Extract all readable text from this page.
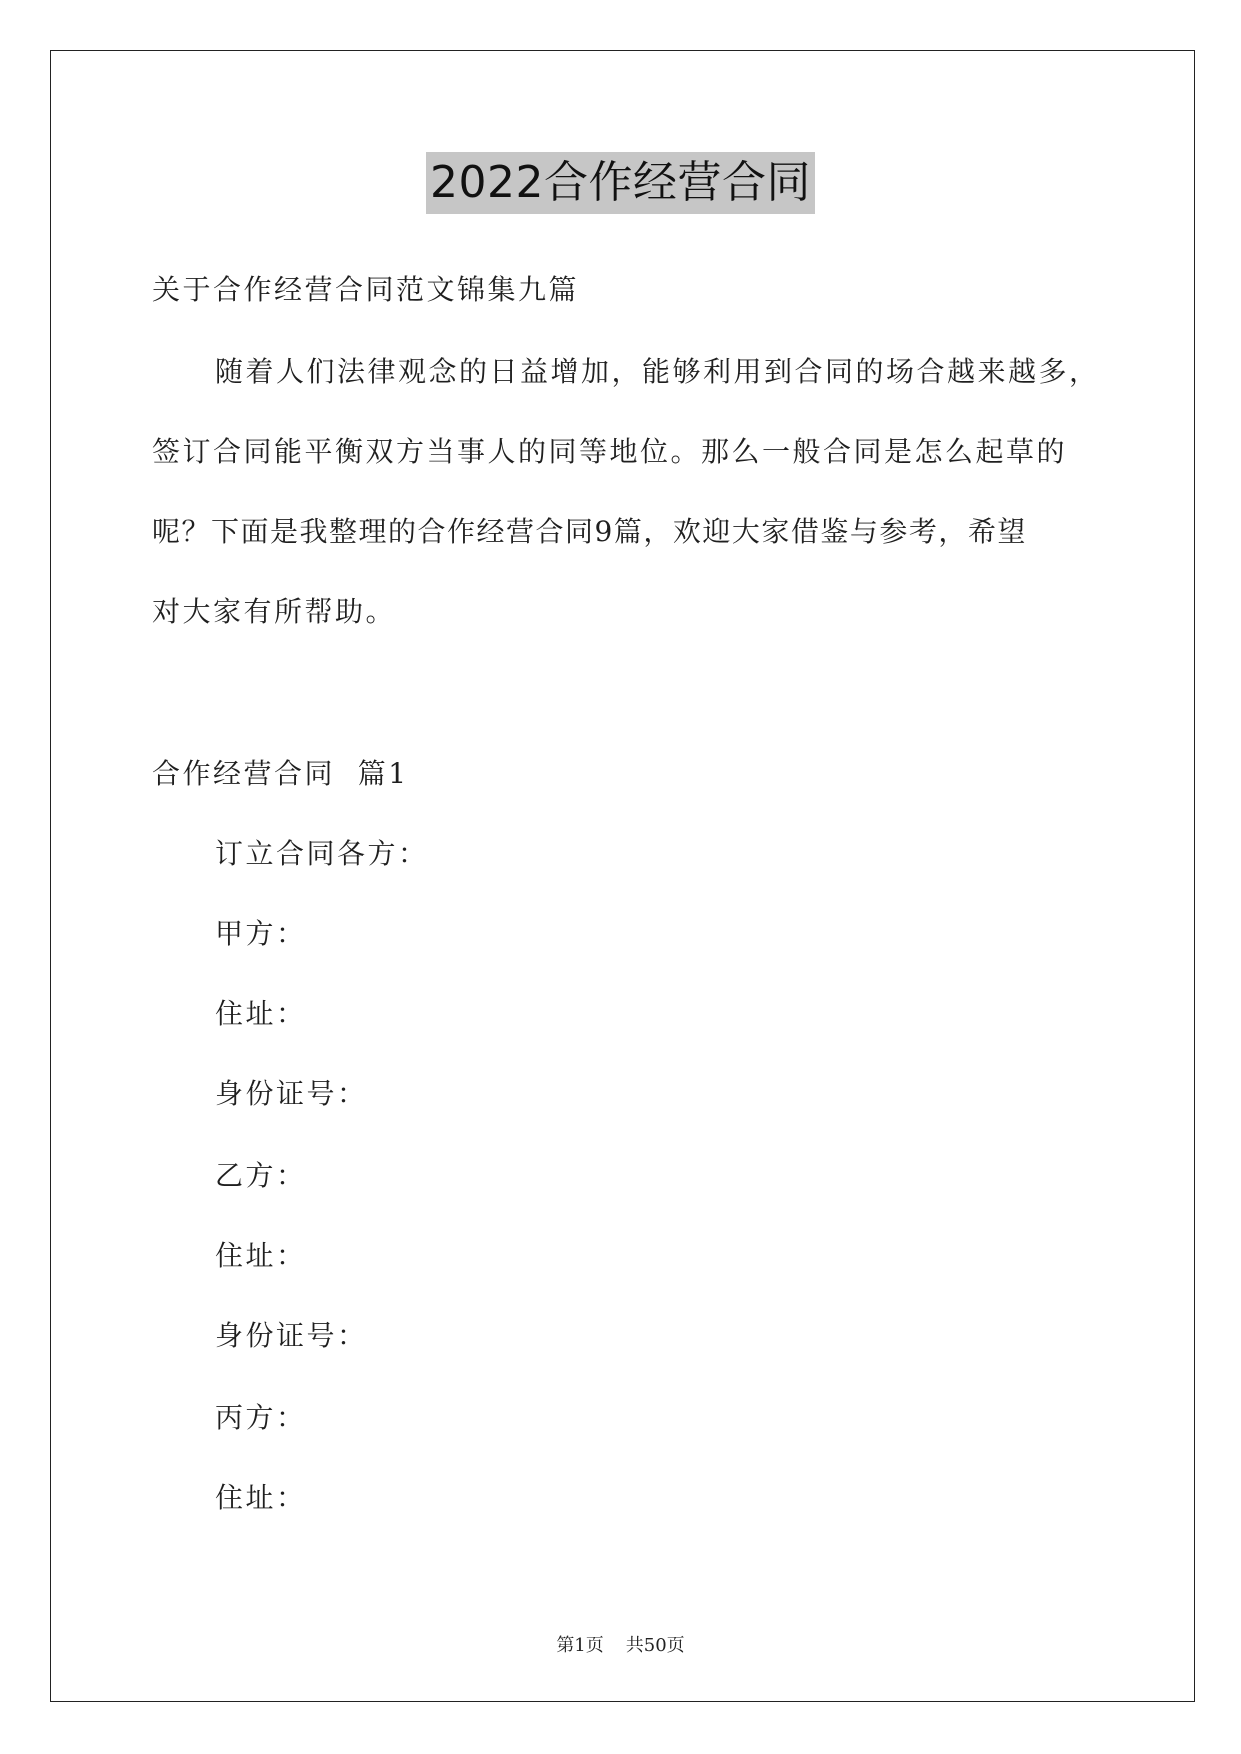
2022合作经营合同
关于合作经营合同范文锦集九篇
随着人们法律观念的日益增加，能够利用到合同的场合越来越多，
签订合同能平衡双方当事人的同等地位。那么一般合同是怎么起草的
呢？下面是我整理的合作经营合同9篇，欢迎大家借鉴与参考，希望
对大家有所帮助。
合作经营合同  篇1
订立合同各方：
甲方：
住址：
身份证号：
乙方：
住址：
身份证号：
丙方：
住址：
第1页 共50页
